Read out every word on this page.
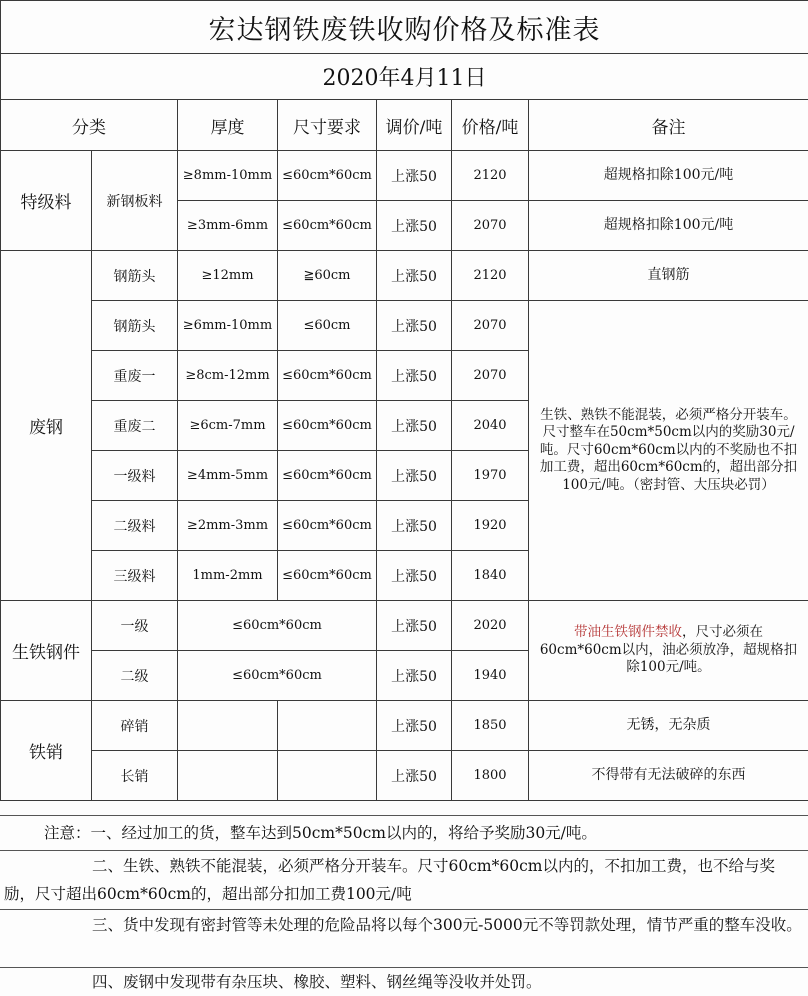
宏达钢铁废铁收购价格及标准表						
2020年4月11日						
分类		厚度	尺寸要求	调价/吨	价格/吨	备注
特级料	新钢板料	≥8mm-10mm	≤60cm*60cm	上涨50	2120	超规格扣除100元/吨
		≥3mm-6mm	≤60cm*60cm	上涨50	2070	超规格扣除100元/吨
废钢	钢筋头	≥12mm	≧60cm	上涨50	2120	直钢筋
	钢筋头	≥6mm-10mm	≤60cm	上涨50	2070	生铁、熟铁不能混装，必须严格分开装车。尺寸整车在50cm*50cm以内的奖励30元/吨。尺寸60cm*60cm以内的不奖励也不扣加工费，超出60cm*60cm的，超出部分扣100元/吨。（密封管、大压块必罚）
	重废一	≥8cm-12mm	≤60cm*60cm	上涨50	2070	
	重废二	≥6cm-7mm	≤60cm*60cm	上涨50	2040	
	一级料	≥4mm-5mm	≤60cm*60cm	上涨50	1970	
	二级料	≥2mm-3mm	≤60cm*60cm	上涨50	1920	
	三级料	1mm-2mm	≤60cm*60cm	上涨50	1840	
生铁钢件	一级	≤60cm*60cm		上涨50	2020	带油生铁钢件禁收，尺寸必须在60cm*60cm以内，油必须放净，超规格扣除100元/吨。
	二级	≤60cm*60cm		上涨50	1940	
铁销	碎销			上涨50	1850	无锈，无杂质
	长销			上涨50	1800	不得带有无法破碎的东西

注意：一、经过加工的货，整车达到50cm*50cm以内的，将给予奖励30元/吨。

二、生铁、熟铁不能混装，必须严格分开装车。尺寸60cm*60cm以内的，不扣加工费，也不给与奖励，尺寸超出60cm*60cm的，超出部分扣加工费100元/吨

三、货中发现有密封管等未处理的危险品将以每个300元-5000元不等罚款处理，情节严重的整车没收。

四、废钢中发现带有杂压块、橡胶、塑料、钢丝绳等没收并处罚。
